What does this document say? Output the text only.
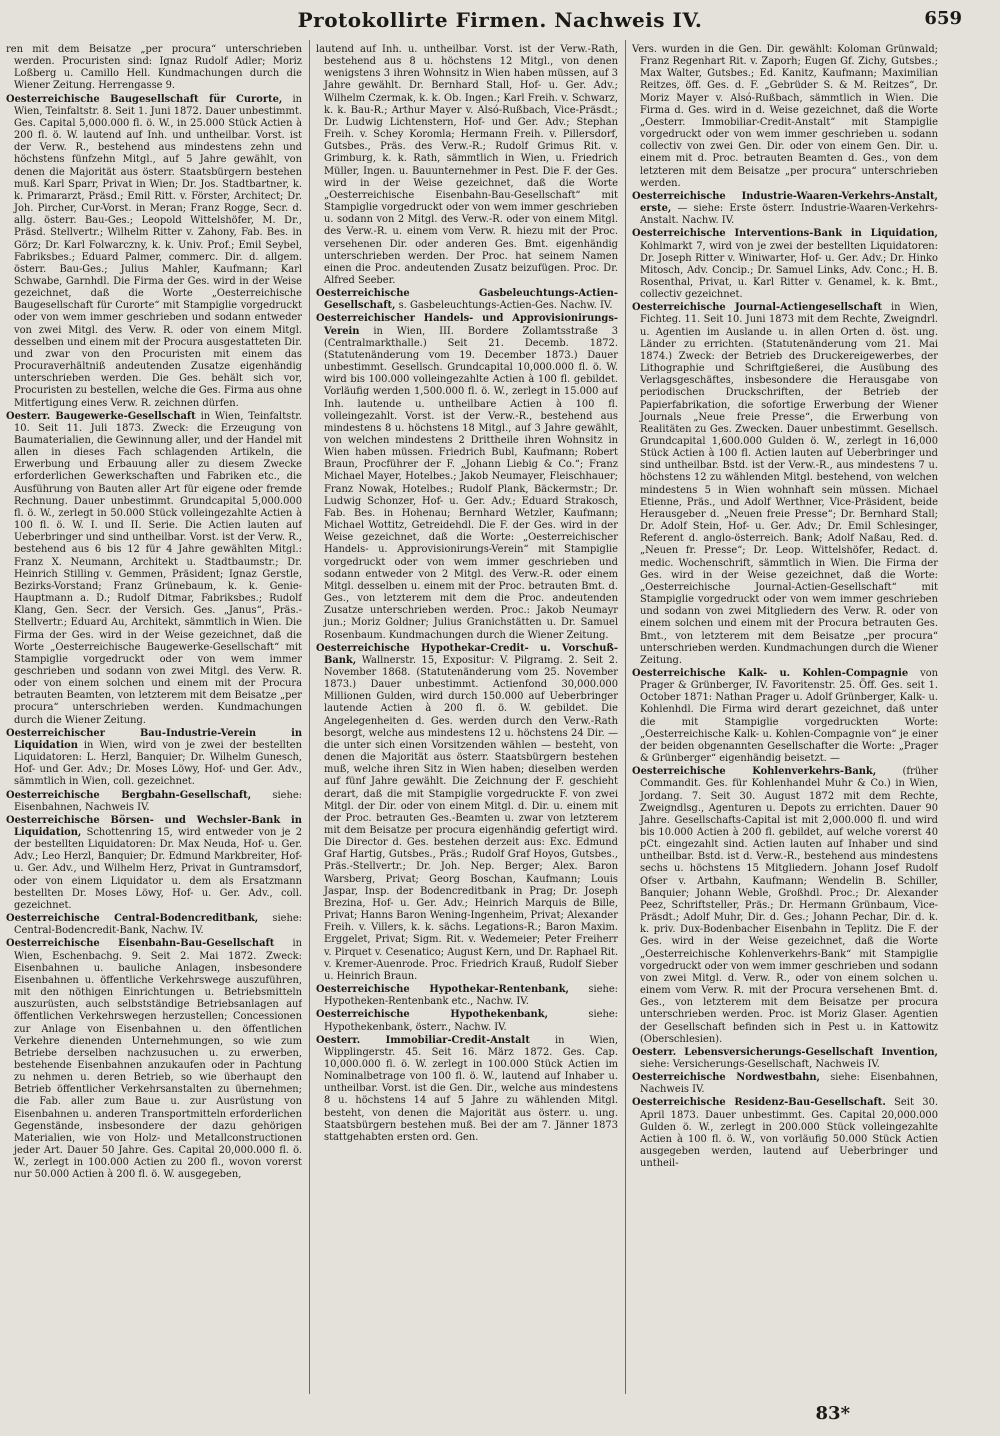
Protokollirte Firmen. Nachweis IV.	659

ren mit dem Beisatze „per procura“ unterschrieben werden. Procuristen sind: Ignaz Rudolf Adler; Moriz Loßberg u. Camillo Hell. Kundmachungen durch die Wiener Zeitung. Herrengasse 9.

Oesterreichische Baugesellschaft für Curorte, in Wien, Teinfaltstr. 8. Seit 1. Juni 1872. Dauer unbestimmt. Ges. Capital 5,000.000 fl. ö. W., in 25.000 Stück Actien à 200 fl. ö. W. lautend auf Inh. und untheilbar. Vorst. ist der Verw. R., bestehend aus mindestens zehn und höchstens fünfzehn Mitgl., auf 5 Jahre gewählt, von denen die Majorität aus österr. Staatsbürgern bestehen muß. Karl Sparr, Privat in Wien; Dr. Jos. Stadtbartner, k. k. Primararzt, Präsd.; Emil Ritt. v. Förster, Architect; Dr. Joh. Pircher, Cur-Vorst. in Meran; Franz Rogge, Secr. d. allg. österr. Bau-Ges.; Leopold Wittelshöfer, M. Dr., Präsd. Stellvertr.; Wilhelm Ritter v. Zahony, Fab. Bes. in Görz; Dr. Karl Folwarczny, k. k. Univ. Prof.; Emil Seybel, Fabriksbes.; Eduard Palmer, commerc. Dir. d. allgem. österr. Bau-Ges.; Julius Mahler, Kaufmann; Karl Schwabe, Garnhdl. Die Firma der Ges. wird in der Weise gezeichnet, daß die Worte „Oesterreichische Baugesellschaft für Curorte“ mit Stampiglie vorgedruckt oder von wem immer geschrieben und sodann entweder von zwei Mitgl. des Verw. R. oder von einem Mitgl. desselben und einem mit der Procura ausgestatteten Dir. und zwar von den Procuristen mit einem das Procuraverhältniß andeutenden Zusatze eigenhändig unterschrieben werden. Die Ges. behält sich vor, Procuristen zu bestellen, welche die Ges. Firma aus ohne Mitfertigung eines Verw. R. zeichnen dürfen.

Oesterr. Baugewerke-Gesellschaft in Wien, Teinfaltstr. 10. Seit 11. Juli 1873. Zweck: die Erzeugung von Baumaterialien, die Gewinnung aller, und der Handel mit allen in dieses Fach schlagenden Artikeln, die Erwerbung und Erbauung aller zu diesem Zwecke erforderlichen Gewerkschaften und Fabriken etc., die Ausführung von Bauten aller Art für eigene oder fremde Rechnung. Dauer unbestimmt. Grundcapital 5,000.000 fl. ö. W., zerlegt in 50.000 Stück volleingezahlte Actien à 100 fl. ö. W. I. und II. Serie. Die Actien lauten auf Ueberbringer und sind untheilbar. Vorst. ist der Verw. R., bestehend aus 6 bis 12 für 4 Jahre gewählten Mitgl.: Franz X. Neumann, Architekt u. Stadtbaumstr.; Dr. Heinrich Stilling v. Gemmen, Präsident; Ignaz Gerstle, Bezirks-Vorstand; Franz Grünebaum, k. k. Genie-Hauptmann a. D.; Rudolf Ditmar, Fabriksbes.; Rudolf Klang, Gen. Secr. der Versich. Ges. „Janus“, Präs.-Stellvertr.; Eduard Au, Architekt, sämmtlich in Wien. Die Firma der Ges. wird in der Weise gezeichnet, daß die Worte „Oesterreichische Baugewerke-Gesellschaft“ mit Stampiglie vorgedruckt oder von wem immer geschrieben und sodann von zwei Mitgl. des Verw. R. oder von einem solchen und einem mit der Procura betrauten Beamten, von letzterem mit dem Beisatze „per procura“ unterschrieben werden. Kundmachungen durch die Wiener Zeitung.

Oesterreichischer Bau-Industrie-Verein in Liquidation in Wien, wird von je zwei der bestellten Liquidatoren: L. Herzl, Banquier; Dr. Wilhelm Gunesch, Hof- und Ger. Adv.; Dr. Moses Löwy, Hof- und Ger. Adv., sämmtlich in Wien, coll. gezeichnet.

Oesterreichische Bergbahn-Gesellschaft, siehe: Eisenbahnen, Nachweis IV.

Oesterreichische Börsen- und Wechsler-Bank in Liquidation, Schottenring 15, wird entweder von je 2 der bestellten Liquidatoren: Dr. Max Neuda, Hof- u. Ger. Adv.; Leo Herzl, Banquier; Dr. Edmund Markbreiter, Hof- u. Ger. Adv., und Wilhelm Herz, Privat in Guntramsdorf, oder von einem Liquidator u. dem als Ersatzmann bestellten Dr. Moses Löwy, Hof- u. Ger. Adv., coll. gezeichnet.

Oesterreichische Central-Bodencreditbank, siehe: Central-Bodencredit-Bank, Nachw. IV.

Oesterreichische Eisenbahn-Bau-Gesellschaft in Wien, Eschenbachg. 9. Seit 2. Mai 1872. Zweck: Eisenbahnen u. bauliche Anlagen, insbesondere Eisenbahnen u. öffentliche Verkehrswege auszuführen, mit den nöthigen Einrichtungen u. Betriebsmitteln auszurüsten, auch selbstständige Betriebsanlagen auf öffentlichen Verkehrswegen herzustellen; Concessionen zur Anlage von Eisenbahnen u. den öffentlichen Verkehre dienenden Unternehmungen, so wie zum Betriebe derselben nachzusuchen u. zu erwerben, bestehende Eisenbahnen anzukaufen oder in Pachtung zu nehmen u. deren Betrieb, so wie überhaupt den Betrieb öffentlicher Verkehrsanstalten zu übernehmen; die Fab. aller zum Baue u. zur Ausrüstung von Eisenbahnen u. anderen Transportmitteln erforderlichen Gegenstände, insbesondere der dazu gehörigen Materialien, wie von Holz- und Metallconstructionen jeder Art. Dauer 50 Jahre. Ges. Capital 20,000.000 fl. ö. W., zerlegt in 100.000 Actien zu 200 fl., wovon vorerst nur 50.000 Actien à 200 fl. ö. W. ausgegeben,

lautend auf Inh. u. untheilbar. Vorst. ist der Verw.-Rath, bestehend aus 8 u. höchstens 12 Mitgl., von denen wenigstens 3 ihren Wohnsitz in Wien haben müssen, auf 3 Jahre gewählt. Dr. Bernhard Stall, Hof- u. Ger. Adv.; Wilhelm Czermak, k. k. Ob. Ingen.; Karl Freih. v. Schwarz, k. k. Bau-R.; Arthur Mayer v. Alsó-Rußbach, Vice-Präsdt.; Dr. Ludwig Lichtenstern, Hof- und Ger. Adv.; Stephan Freih. v. Schey Koromla; Hermann Freih. v. Pillersdorf, Gutsbes., Präs. des Verw.-R.; Rudolf Grimus Rit. v. Grimburg, k. k. Rath, sämmtlich in Wien, u. Friedrich Müller, Ingen. u. Bauunternehmer in Pest. Die F. der Ges. wird in der Weise gezeichnet, daß die Worte „Oesterreichische Eisenbahn-Bau-Gesellschaft“ mit Stampiglie vorgedruckt oder von wem immer geschrieben u. sodann von 2 Mitgl. des Verw.-R. oder von einem Mitgl. des Verw.-R. u. einem vom Verw. R. hiezu mit der Proc. versehenen Dir. oder anderen Ges. Bmt. eigenhändig unterschrieben werden. Der Proc. hat seinem Namen einen die Proc. andeutenden Zusatz beizufügen. Proc. Dr. Alfred Seeber.

Oesterreichische Gasbeleuchtungs-Actien-Gesellschaft, s. Gasbeleuchtungs-Actien-Ges. Nachw. IV.

Oesterreichischer Handels- und Approvisionirungs-Verein in Wien, III. Bordere Zollamtsstraße 3 (Centralmarkthalle.) Seit 21. Decemb. 1872. (Statutenänderung vom 19. December 1873.) Dauer unbestimmt. Gesellsch. Grundcapital 10,000.000 fl. ö. W. wird bis 100.000 volleingezahlte Actien à 100 fl. gebildet. Vorläufig werden 1,500.000 fl. ö. W., zerlegt in 15.000 auf Inh. lautende u. untheilbare Actien à 100 fl. volleingezahlt. Vorst. ist der Verw.-R., bestehend aus mindestens 8 u. höchstens 18 Mitgl., auf 3 Jahre gewählt, von welchen mindestens 2 Drittheile ihren Wohnsitz in Wien haben müssen. Friedrich Bubl, Kaufmann; Robert Braun, Procführer der F. „Johann Liebig & Co.“; Franz Michael Mayer, Hotelbes.; Jakob Neumayer, Fleischhauer; Franz Nowak, Hotelbes.; Rudolf Plank, Bäckermstr.; Dr. Ludwig Schonzer, Hof- u. Ger. Adv.; Eduard Strakosch, Fab. Bes. in Hohenau; Bernhard Wetzler, Kaufmann; Michael Wottitz, Getreidehdl. Die F. der Ges. wird in der Weise gezeichnet, daß die Worte: „Oesterreichischer Handels- u. Approvisionirungs-Verein“ mit Stampiglie vorgedruckt oder von wem immer geschrieben und sodann entweder von 2 Mitgl. des Verw.-R. oder einem Mitgl. desselben u. einem mit der Proc. betrauten Bmt. d. Ges., von letzterem mit dem die Proc. andeutenden Zusatze unterschrieben werden. Proc.: Jakob Neumayr jun.; Moriz Goldner; Julius Granichstätten u. Dr. Samuel Rosenbaum. Kundmachungen durch die Wiener Zeitung.

Oesterreichische Hypothekar-Credit- u. Vorschuß-Bank, Wallnerstr. 15, Expositur: V. Pilgramg. 2. Seit 2. November 1868. (Statutenänderung vom 25. November 1873.) Dauer unbestimmt. Actienfond 30,000.000 Millionen Gulden, wird durch 150.000 auf Ueberbringer lautende Actien à 200 fl. ö. W. gebildet. Die Angelegenheiten d. Ges. werden durch den Verw.-Rath besorgt, welche aus mindestens 12 u. höchstens 24 Dir. — die unter sich einen Vorsitzenden wählen — besteht, von denen die Majorität aus österr. Staatsbürgern bestehen muß, welche ihren Sitz in Wien haben; dieselben werden auf fünf Jahre gewählt. Die Zeichnung der F. geschieht derart, daß die mit Stampiglie vorgedruckte F. von zwei Mitgl. der Dir. oder von einem Mitgl. d. Dir. u. einem mit der Proc. betrauten Ges.-Beamten u. zwar von letzterem mit dem Beisatze per procura eigenhändig gefertigt wird. Die Director d. Ges. bestehen derzeit aus: Exc. Edmund Graf Hartig, Gutsbes., Präs.; Rudolf Graf Hoyos, Gutsbes., Präs.-Stellvertr.; Dr. Joh. Nep. Berger; Alex. Baron Warsberg, Privat; Georg Boschan, Kaufmann; Louis Jaspar, Insp. der Bodencreditbank in Prag; Dr. Joseph Brezina, Hof- u. Ger. Adv.; Heinrich Marquis de Bille, Privat; Hanns Baron Wening-Ingenheim, Privat; Alexander Freih. v. Villers, k. k. sächs. Legations-R.; Baron Maxim. Erggelet, Privat; Sigm. Rit. v. Wedemeier; Peter Freiherr v. Pirquet v. Cesenatico; August Kern, und Dr. Raphael Rit. v. Kremer-Auenrode. Proc. Friedrich Krauß, Rudolf Sieber u. Heinrich Braun.

Oesterreichische Hypothekar-Rentenbank, siehe: Hypotheken-Rentenbank etc., Nachw. IV.

Oesterreichische Hypothekenbank,	siehe: Hypothekenbank, österr., Nachw. IV.

Oesterr. Immobiliar-Credit-Anstalt	in Wien, Wipplingerstr. 45. Seit 16. März 1872. Ges. Cap. 10,000.000 fl. ö. W. zerlegt in 100.000 Stück Actien im Nominalbetrage von 100 fl. ö. W., lautend auf Inhaber u. untheilbar. Vorst. ist die Gen. Dir., welche aus mindestens 8 u. höchstens 14 auf 5 Jahre zu wählenden Mitgl. besteht, von denen die Majorität aus österr. u. ung. Staatsbürgern bestehen muß. Bei der am 7. Jänner 1873 stattgehabten ersten ord. Gen.

Vers. wurden in die Gen. Dir. gewählt: Koloman Grünwald; Franz Regenhart Rit. v. Zaporh; Eugen Gf. Zichy, Gutsbes.; Max Walter, Gutsbes.; Ed. Kanitz, Kaufmann; Maximilian Reitzes, öff. Ges. d. F. „Gebrüder S. & M. Reitzes“, Dr. Moriz Mayer v. Alsó-Rußbach, sämmtlich in Wien. Die Firma d. Ges. wird in d. Weise gezeichnet, daß die Worte „Oesterr. Immobiliar-Credit-Anstalt“ mit Stampiglie vorgedruckt oder von wem immer geschrieben u. sodann collectiv von zwei Gen. Dir. oder von einem Gen. Dir. u. einem mit d. Proc. betrauten Beamten d. Ges., von dem letzteren mit dem Beisatze „per procura“ unterschrieben werden.

Oesterreichische Industrie-Waaren-Verkehrs-Anstalt, erste, — siehe: Erste österr. Industrie-Waaren-Verkehrs-Anstalt. Nachw. IV.

Oesterreichische Interventions-Bank in Liquidation, Kohlmarkt 7, wird von je zwei der bestellten Liquidatoren: Dr. Joseph Ritter v. Winiwarter, Hof- u. Ger. Adv.; Dr. Hinko Mitosch, Adv. Concip.; Dr. Samuel Links, Adv. Conc.; H. B. Rosenthal, Privat, u. Karl Ritter v. Genamel, k. k. Bmt., collectiv gezeichnet.

Oesterreichische Journal-Actiengesellschaft in Wien, Fichteg. 11. Seit 10. Juni 1873 mit dem Rechte, Zweigndrl. u. Agentien im Auslande u. in allen Orten d. öst. ung. Länder zu errichten. (Statutenänderung vom 21. Mai 1874.) Zweck: der Betrieb des Druckereigewerbes, der Lithographie und Schriftgießerei, die Ausübung des Verlagsgeschäftes, insbesondere die Herausgabe von periodischen Druckschriften, der Betrieb der Papierfabrikation, die sofortige Erwerbung der Wiener Journals „Neue freie Presse“, die Erwerbung von Realitäten zu Ges. Zwecken. Dauer unbestimmt. Gesellsch. Grundcapital 1,600.000 Gulden ö. W., zerlegt in 16,000 Stück Actien à 100 fl. Actien lauten auf Ueberbringer und sind untheilbar. Bstd. ist der Verw.-R., aus mindestens 7 u. höchstens 12 zu wählenden Mitgl. bestehend, von welchen mindestens 5 in Wien wohnhaft sein müssen. Michael Etienne, Präs., und Adolf Werthner, Vice-Präsident, beide Herausgeber d. „Neuen freie Presse“; Dr. Bernhard Stall; Dr. Adolf Stein, Hof- u. Ger. Adv.; Dr. Emil Schlesinger, Referent d. anglo-österreich. Bank; Adolf Naßau, Red. d. „Neuen fr. Presse“; Dr. Leop. Wittelshöfer, Redact. d. medic. Wochenschrift, sämmtlich in Wien. Die Firma der Ges. wird in der Weise gezeichnet, daß die Worte: „Oesterreichische Journal-Actien-Gesellschaft“ mit Stampiglie vorgedruckt oder von wem immer geschrieben und sodann von zwei Mitgliedern des Verw. R. oder von einem solchen und einem mit der Procura betrauten Ges. Bmt., von letzterem mit dem Beisatze „per procura“ unterschrieben werden. Kundmachungen durch die Wiener Zeitung.

Oesterreichische Kalk- u. Kohlen-Compagnie von Prager & Grünberger, IV. Favoritenstr. 25. Öff. Ges. seit 1. October 1871: Nathan Prager u. Adolf Grünberger, Kalk- u. Kohlenhdl. Die Firma wird derart gezeichnet, daß unter die mit Stampiglie vorgedruckten Worte: „Oesterreichische Kalk- u. Kohlen-Compagnie von“ je einer der beiden obgenannten Gesellschafter die Worte: „Prager & Grünberger“ eigenhändig beisetzt. —

Oesterreichische Kohlenverkehrs-Bank,	(früher Commandit. Ges. für Kohlenhandel Muhr & Co.) in Wien, Jordang. 7. Seit 30. August 1872 mit dem Rechte, Zweigndlsg., Agenturen u. Depots zu errichten. Dauer 90 Jahre. Gesellschafts-Capital ist mit 2,000.000 fl. und wird bis 10.000 Actien à 200 fl. gebildet, auf welche vorerst 40 pCt. eingezahlt sind. Actien lauten auf Inhaber und sind untheilbar. Bstd. ist d. Verw.-R., bestehend aus mindestens sechs u. höchstens 15 Mitgliedern. Johann Josef Rudolf Ofser v. Artbahn, Kaufmann; Wendelin B. Schiller, Banquier; Johann Weble, Großhdl. Proc.; Dr. Alexander Peez, Schriftsteller, Präs.; Dr. Hermann Grünbaum, Vice-Präsdt.; Adolf Muhr, Dir. d. Ges.; Johann Pechar, Dir. d. k. k. priv. Dux-Bodenbacher Eisenbahn in Teplitz. Die F. der Ges. wird in der Weise gezeichnet, daß die Worte „Oesterreichische Kohlenverkehrs-Bank“ mit Stampiglie vorgedruckt oder von wem immer geschrieben und sodann von zwei Mitgl. d. Verw. R., oder von einem solchen u. einem vom Verw. R. mit der Procura versehenen Bmt. d. Ges., von letzterem mit dem Beisatze per procura unterschrieben werden. Proc. ist Moriz Glaser. Agentien der Gesellschaft befinden sich in Pest u. in Kattowitz (Oberschlesien).

Oesterr. Lebensversicherungs-Gesellschaft Invention, siehe: Versicherungs-Gesellschaft, Nachweis IV.

Oesterreichische Nordwestbahn, siehe: Eisenbahnen, Nachweis IV.

Oesterreichische Residenz-Bau-Gesellschaft. Seit 30. April 1873. Dauer unbestimmt. Ges. Capital 20,000.000 Gulden ö. W., zerlegt in 200.000 Stück volleingezahlte Actien à 100 fl. ö. W., von vorläufig 50.000 Stück Actien ausgegeben werden, lautend auf Ueberbringer und untheil-

83*
